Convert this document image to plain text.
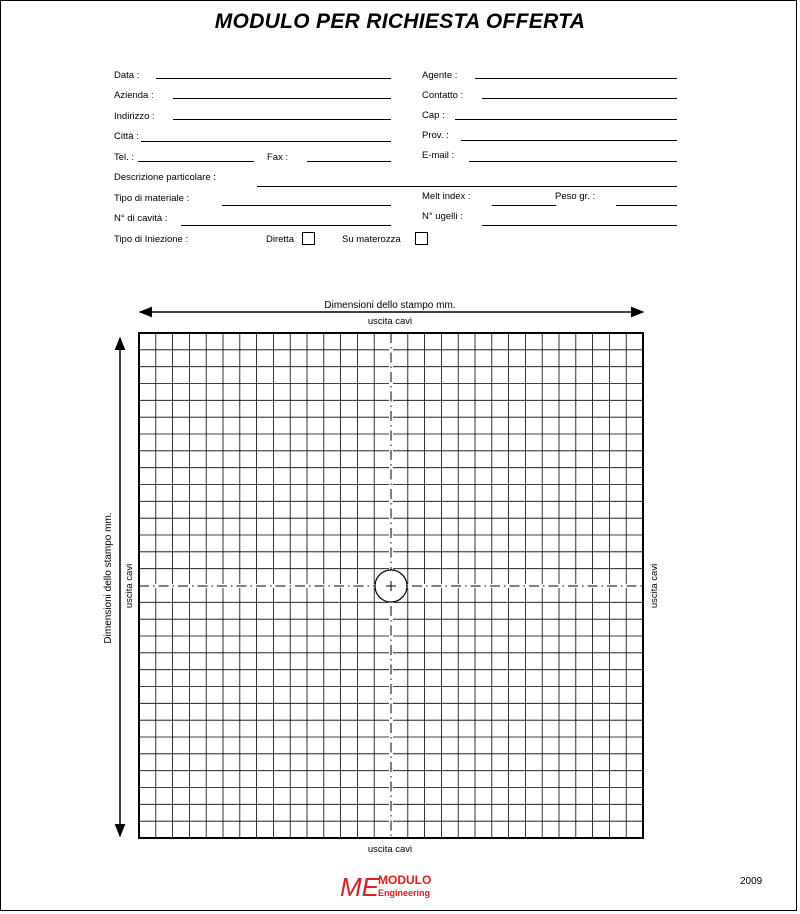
MODULO PER RICHIESTA OFFERTA
Data :	Agente :
Azienda :	Contatto :
Indirizzo :	Cap :
Città :	Prov. :
Tel. :	Fax :	E-mail :
Descrizione particolare :
Tipo di materiale :	Melt index :	Peso gr. :
N° di cavità :	N° ugelli :
Tipo di Iniezione :	Diretta	Su materozza
Dimensioni dello stampo mm.
uscita cavi
uscita cavi
Dimensioni dello stampo mm. uscita cavi	uscita cavi
ME MODULO
Engineering
2009
